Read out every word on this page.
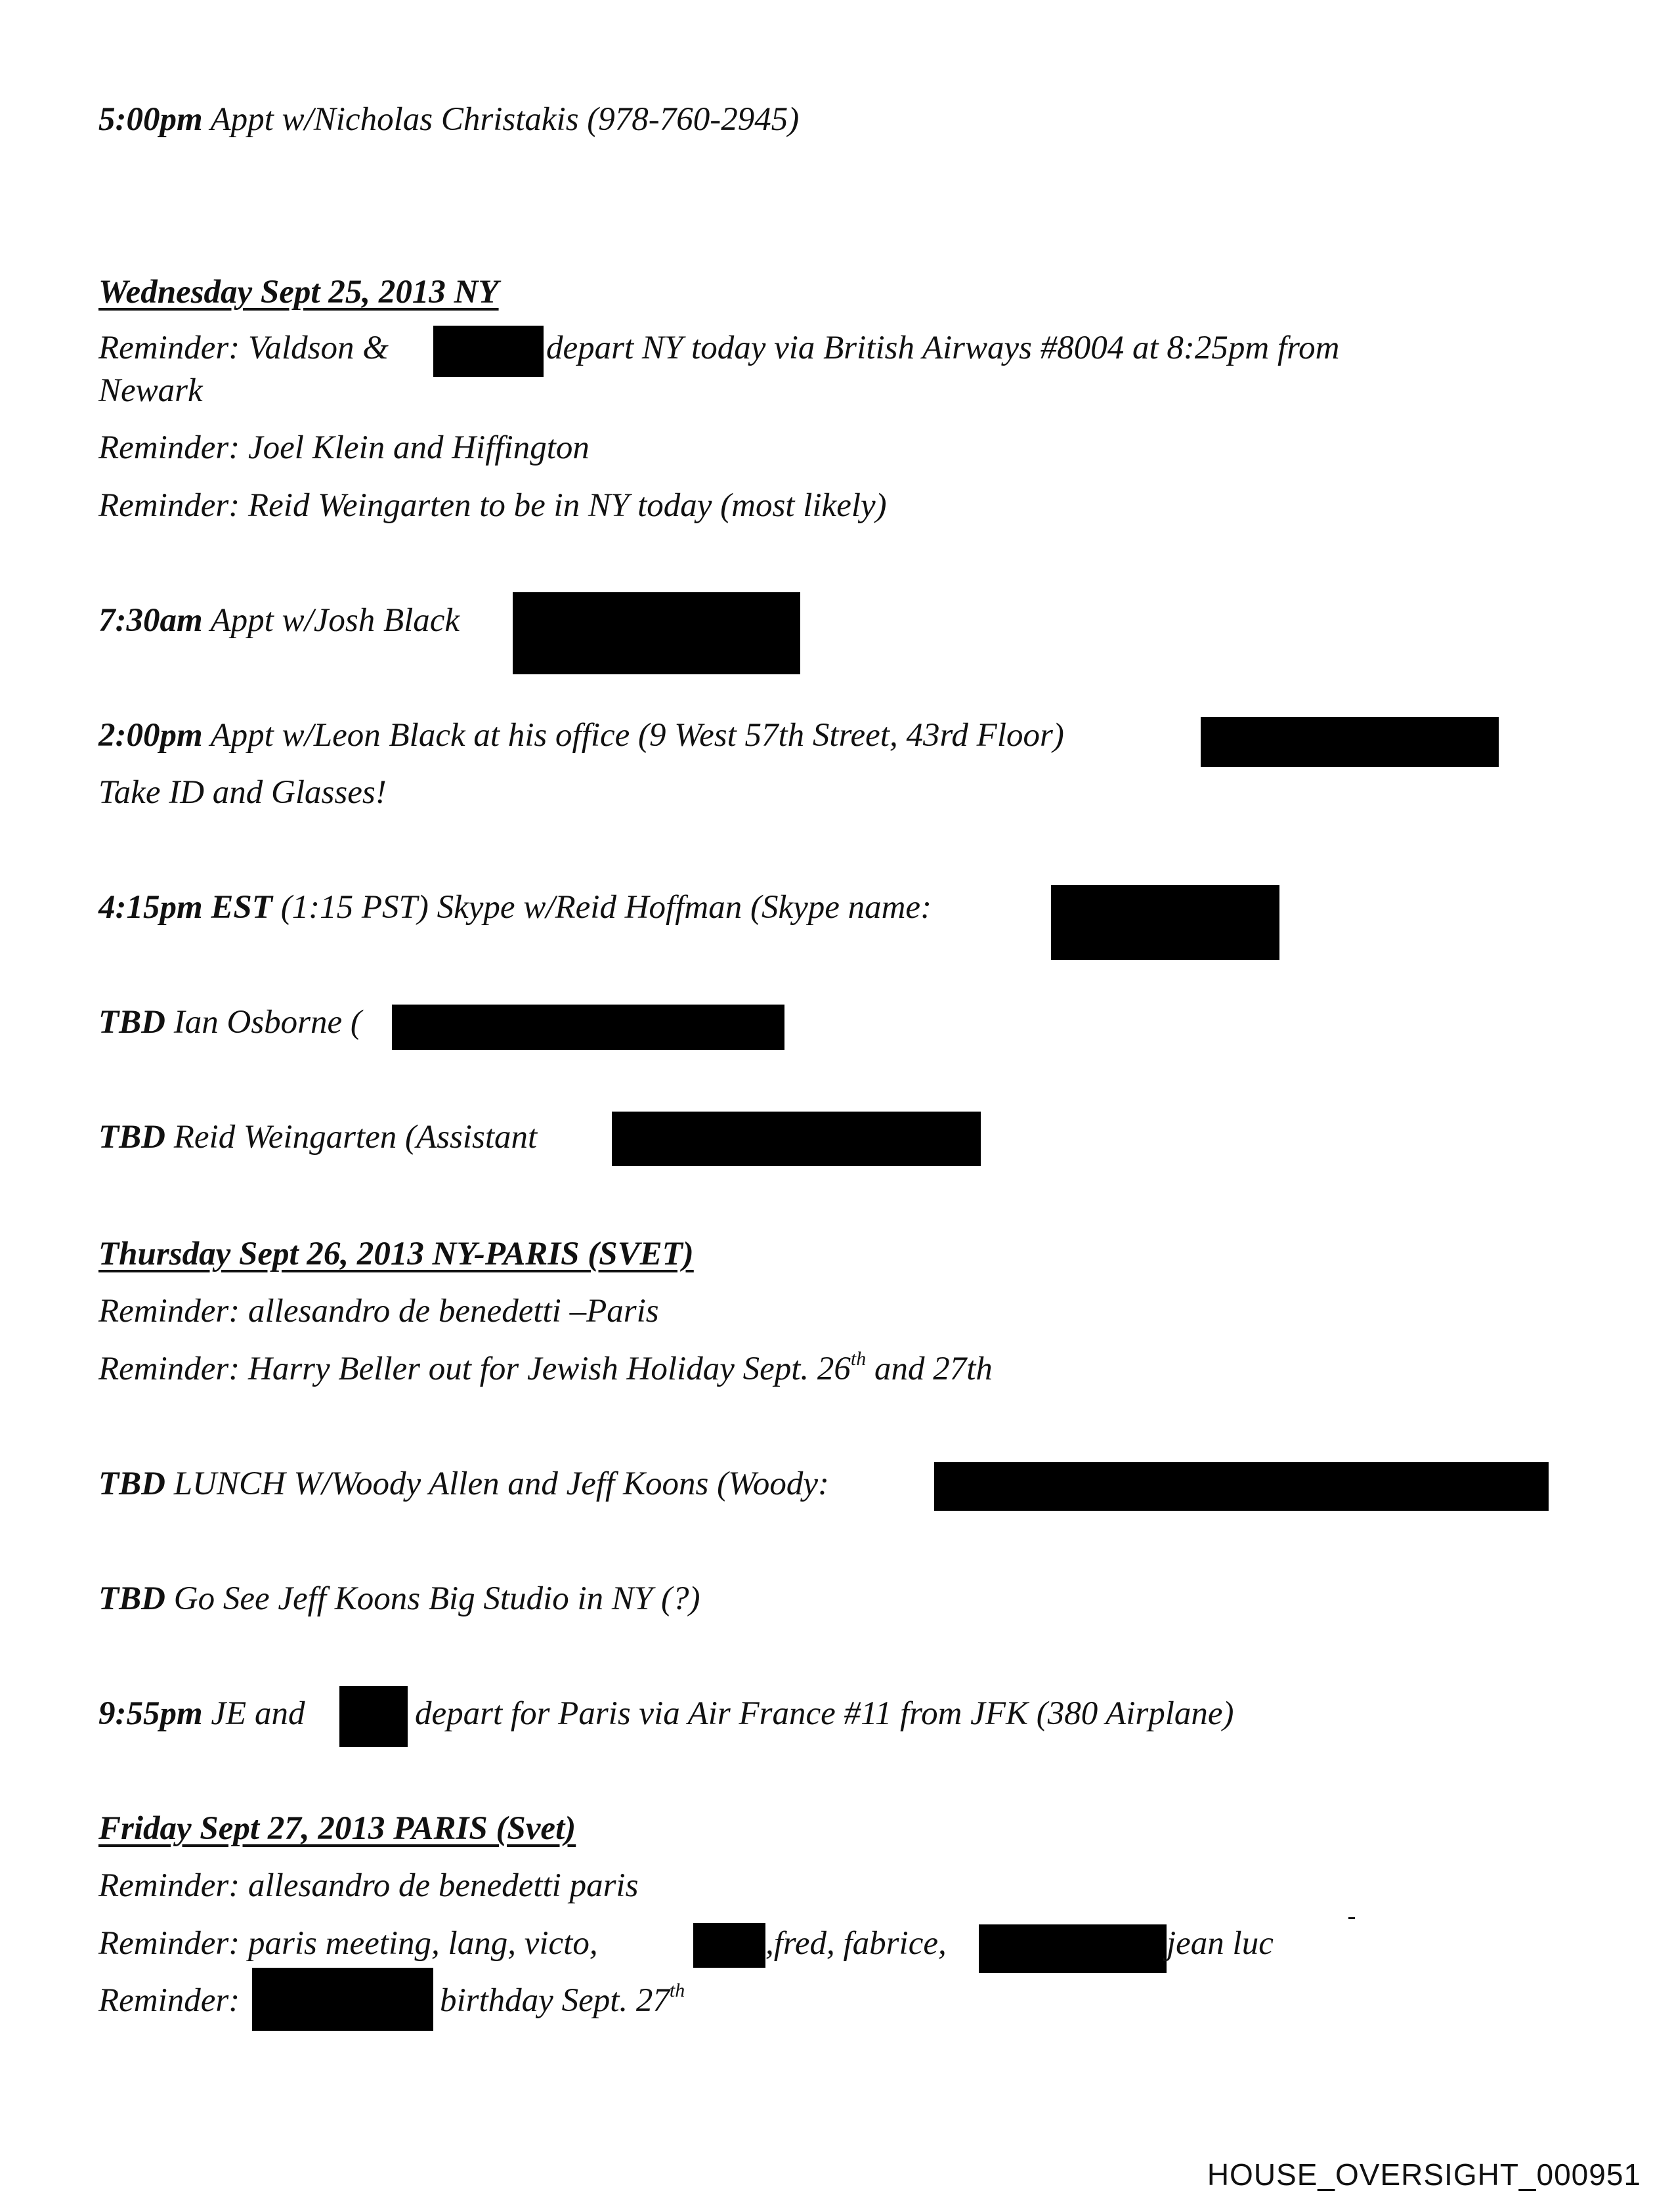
5:00pm Appt w/Nicholas Christakis (978-760-2945)
Wednesday Sept 25, 2013 NY
Reminder: Valdson &	depart NY today via British Airways #8004 at 8:25pm from
Newark
Reminder: Joel Klein and Hiffington
Reminder: Reid Weingarten to be in NY today (most likely)
7:30am Appt w/Josh Black
2:00pm Appt w/Leon Black at his office (9 West 57th Street, 43rd Floor)
Take ID and Glasses!
4:15pm EST (1:15 PST) Skype w/Reid Hoffman (Skype name:
TBD Ian Osborne (
TBD Reid Weingarten (Assistant
Thursday Sept 26, 2013 NY-PARIS (SVET)
Reminder: allesandro de benedetti –Paris
Reminder: Harry Beller out for Jewish Holiday Sept. 26th and 27th
TBD LUNCH W/Woody Allen and Jeff Koons (Woody:
TBD Go See Jeff Koons Big Studio in NY (?)
9:55pm JE and	depart for Paris via Air France #11 from JFK (380 Airplane)
Friday Sept 27, 2013 PARIS (Svet)
Reminder: allesandro de benedetti paris
Reminder: paris meeting, lang, victo,	,fred, fabrice,	jean luc
Reminder:	birthday Sept. 27th
HOUSE_OVERSIGHT_000951
